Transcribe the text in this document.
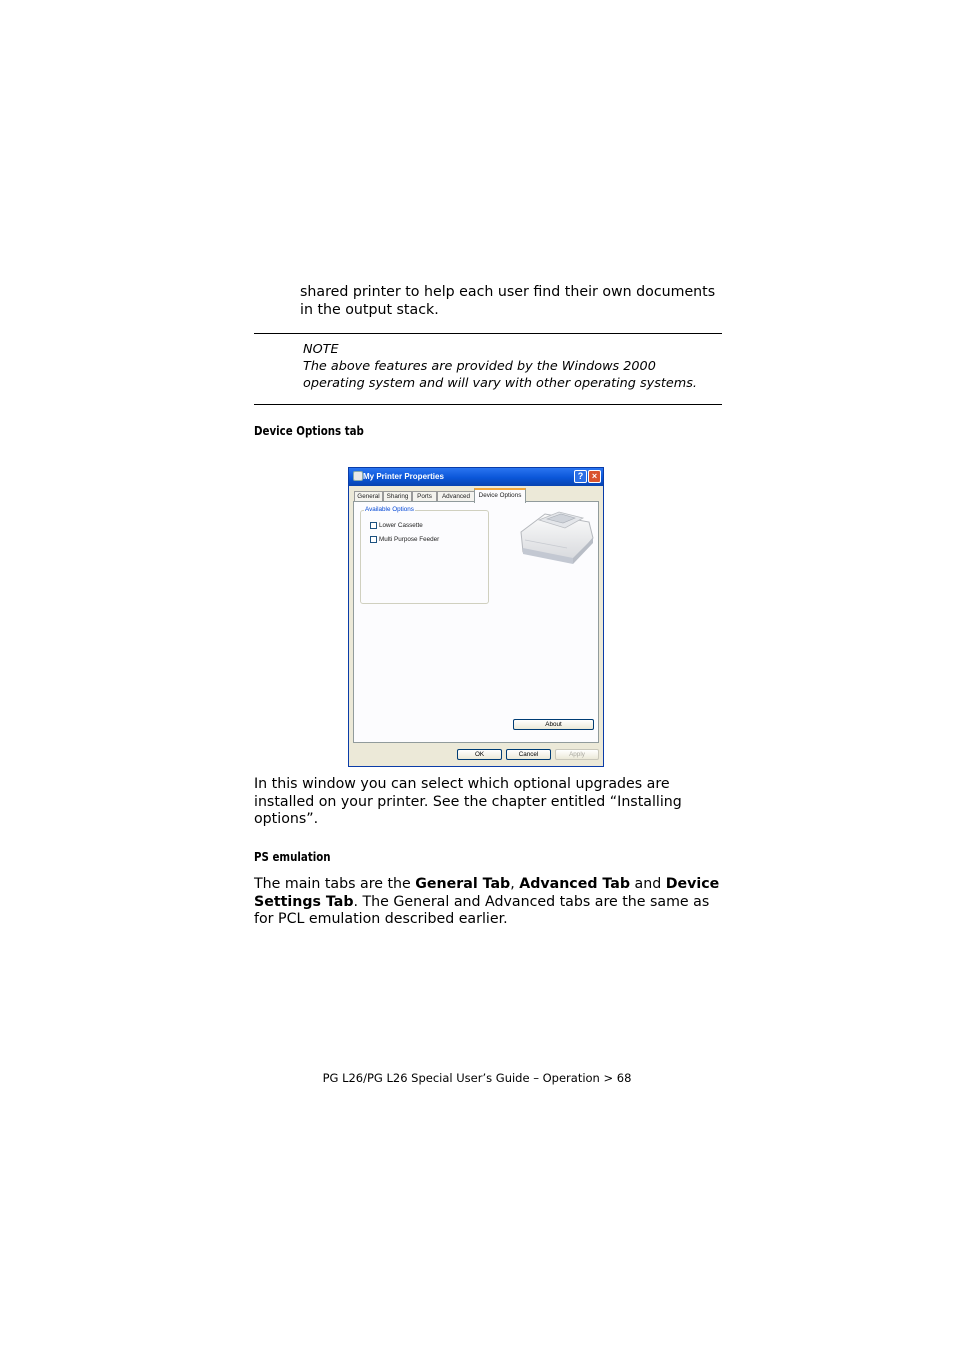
shared printer to help each user find their own documents
in the output stack.
NOTE
The above features are provided by the Windows 2000
operating system and will vary with other operating systems.
Device Options tab
My Printer Properties	? ×
General	Sharing	Ports	Advanced	Device Options
Available Options
Lower Cassette
Multi Purpose Feeder
About
OK	Cancel	Apply
In this window you can select which optional upgrades are
installed on your printer. See the chapter entitled “Installing
options”.
PS emulation
The main tabs are the General Tab, Advanced Tab and Device
Settings Tab. The General and Advanced tabs are the same as
for PCL emulation described earlier.
PG L26/PG L26 Special User’s Guide – Operation > 68
